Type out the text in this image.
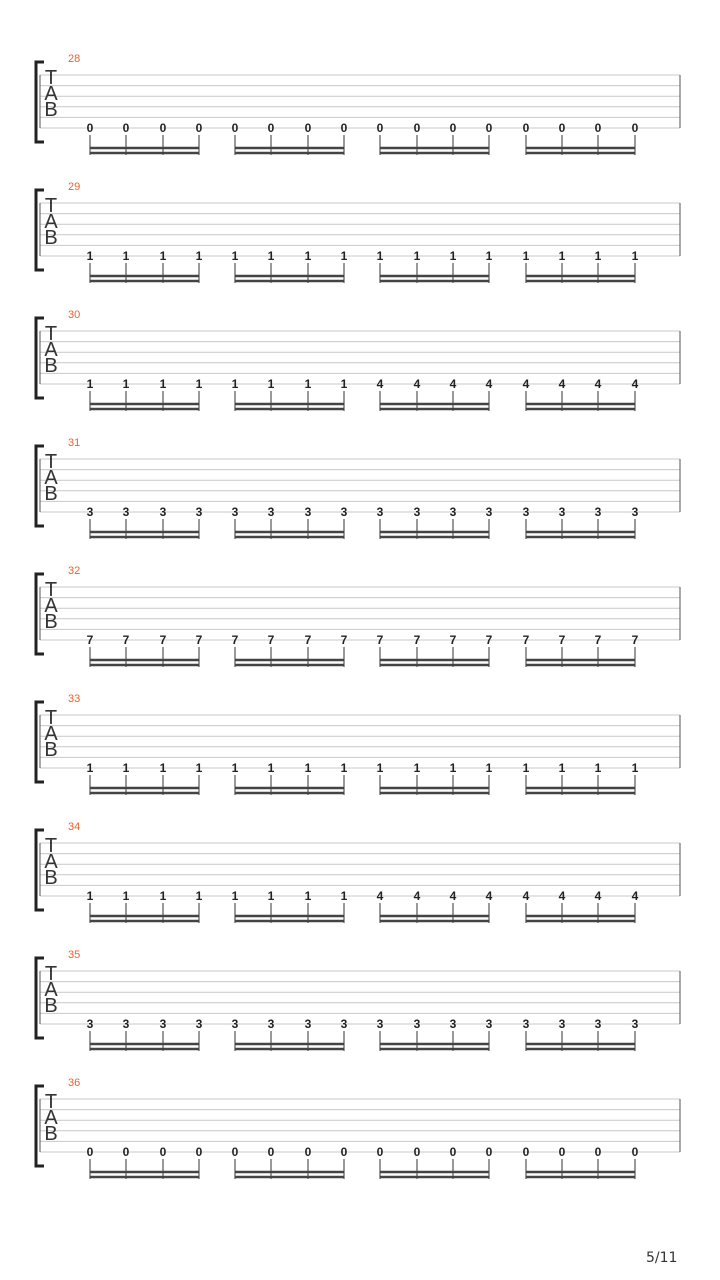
28
T
A
B
0 0	0 0 0 0	0 0 0	0 0 0	0 0 0	0
29
T
A
B
1 1	1 1 1 1	1 1 1	1 1 1	1 1 1	1
30
T
A
B
1 1	1 1 1 1	1 1 4	4 4 4	4 4 4	4
31
T
A
B
3 3	3 3 3 3	3 3 3	3 3 3	3 3 3	3
32
T
A
B
7 7	7 7 7 7	7 7 7	7 7 7	7 7 7	7
33
T
A
B
1 1	1 1 1 1	1 1 1	1 1 1	1 1 1	1
34
T
A
B
1 1	1 1 1 1	1 1 4	4 4 4	4 4 4	4
35
T
A
B
3 3	3 3 3 3	3 3 3	3 3 3	3 3 3	3
36
T
A
B
0 0	0 0 0 0	0 0 0	0 0 0	0 0 0	0
5/11
